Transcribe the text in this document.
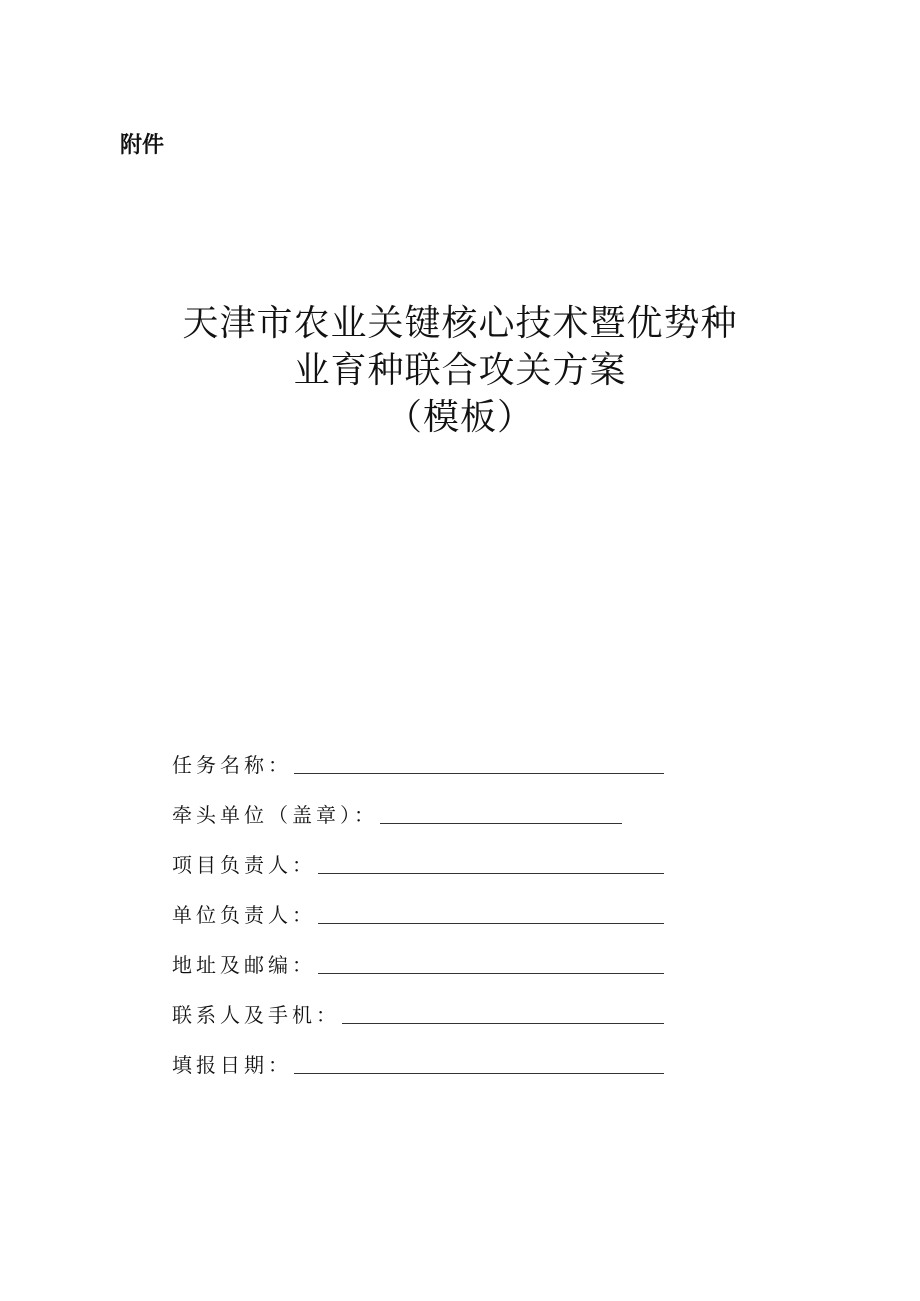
附件
天津市农业关键核心技术暨优势种
业育种联合攻关方案
（模板）
任务名称：
牵头单位（盖章）：
项目负责人：
单位负责人：
地址及邮编：
联系人及手机：
填报日期：
